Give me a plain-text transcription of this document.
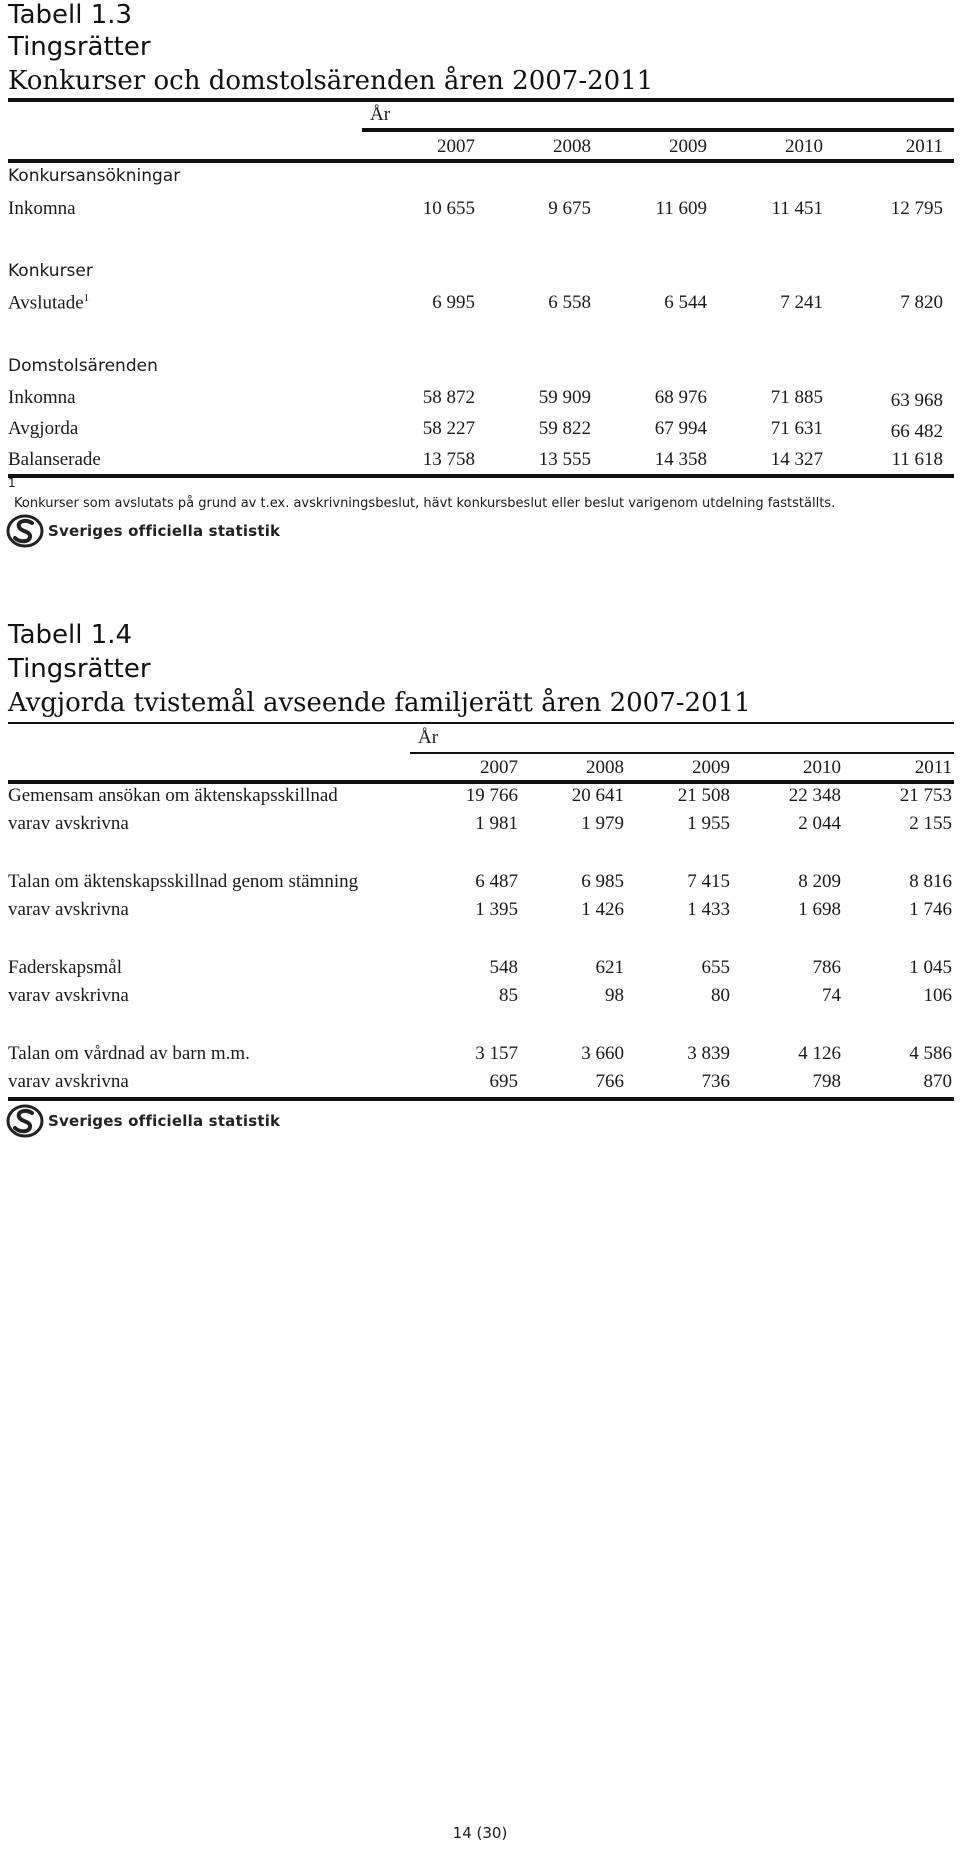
Tabell 1.3
Tingsrätter
Konkurser och domstolsärenden åren 2007-2011
År
2007	2008	2009	2010	2011
Konkursansökningar
Inkomna	10 655	9 675	11 609	11 451	12 795
Konkurser
Avslutade$^1$	6 995	6 558	6 544	7 241	7 820
Domstolsärenden
Inkomna	58 872	59 909	68 976	71 885	63 968
Avgjorda	58 227	59 822	67 994	71 631	66 482
Balanserade	13 758	13 555	14 358	14 327	11 618
1
Konkurser som avslutats på grund av t.ex. avskrivningsbeslut, hävt konkursbeslut eller beslut varigenom utdelning fastställts.
Sveriges officiella statistik
Tabell 1.4
Tingsrätter
Avgjorda tvistemål avseende familjerätt åren 2007-2011
År
2007	2008	2009	2010	2011
Gemensam ansökan om äktenskapsskillnad	19 766	20 641	21 508	22 348	21 753
varav avskrivna	1 981	1 979	1 955	2 044	2 155
Talan om äktenskapsskillnad genom stämning	6 487	6 985	7 415	8 209	8 816
varav avskrivna	1 395	1 426	1 433	1 698	1 746
Faderskapsmål	548	621	655	786	1 045
varav avskrivna	85	98	80	74	106
Talan om vårdnad av barn m.m.	3 157	3 660	3 839	4 126	4 586
varav avskrivna	695	766	736	798	870
Sveriges officiella statistik
14 (30)
